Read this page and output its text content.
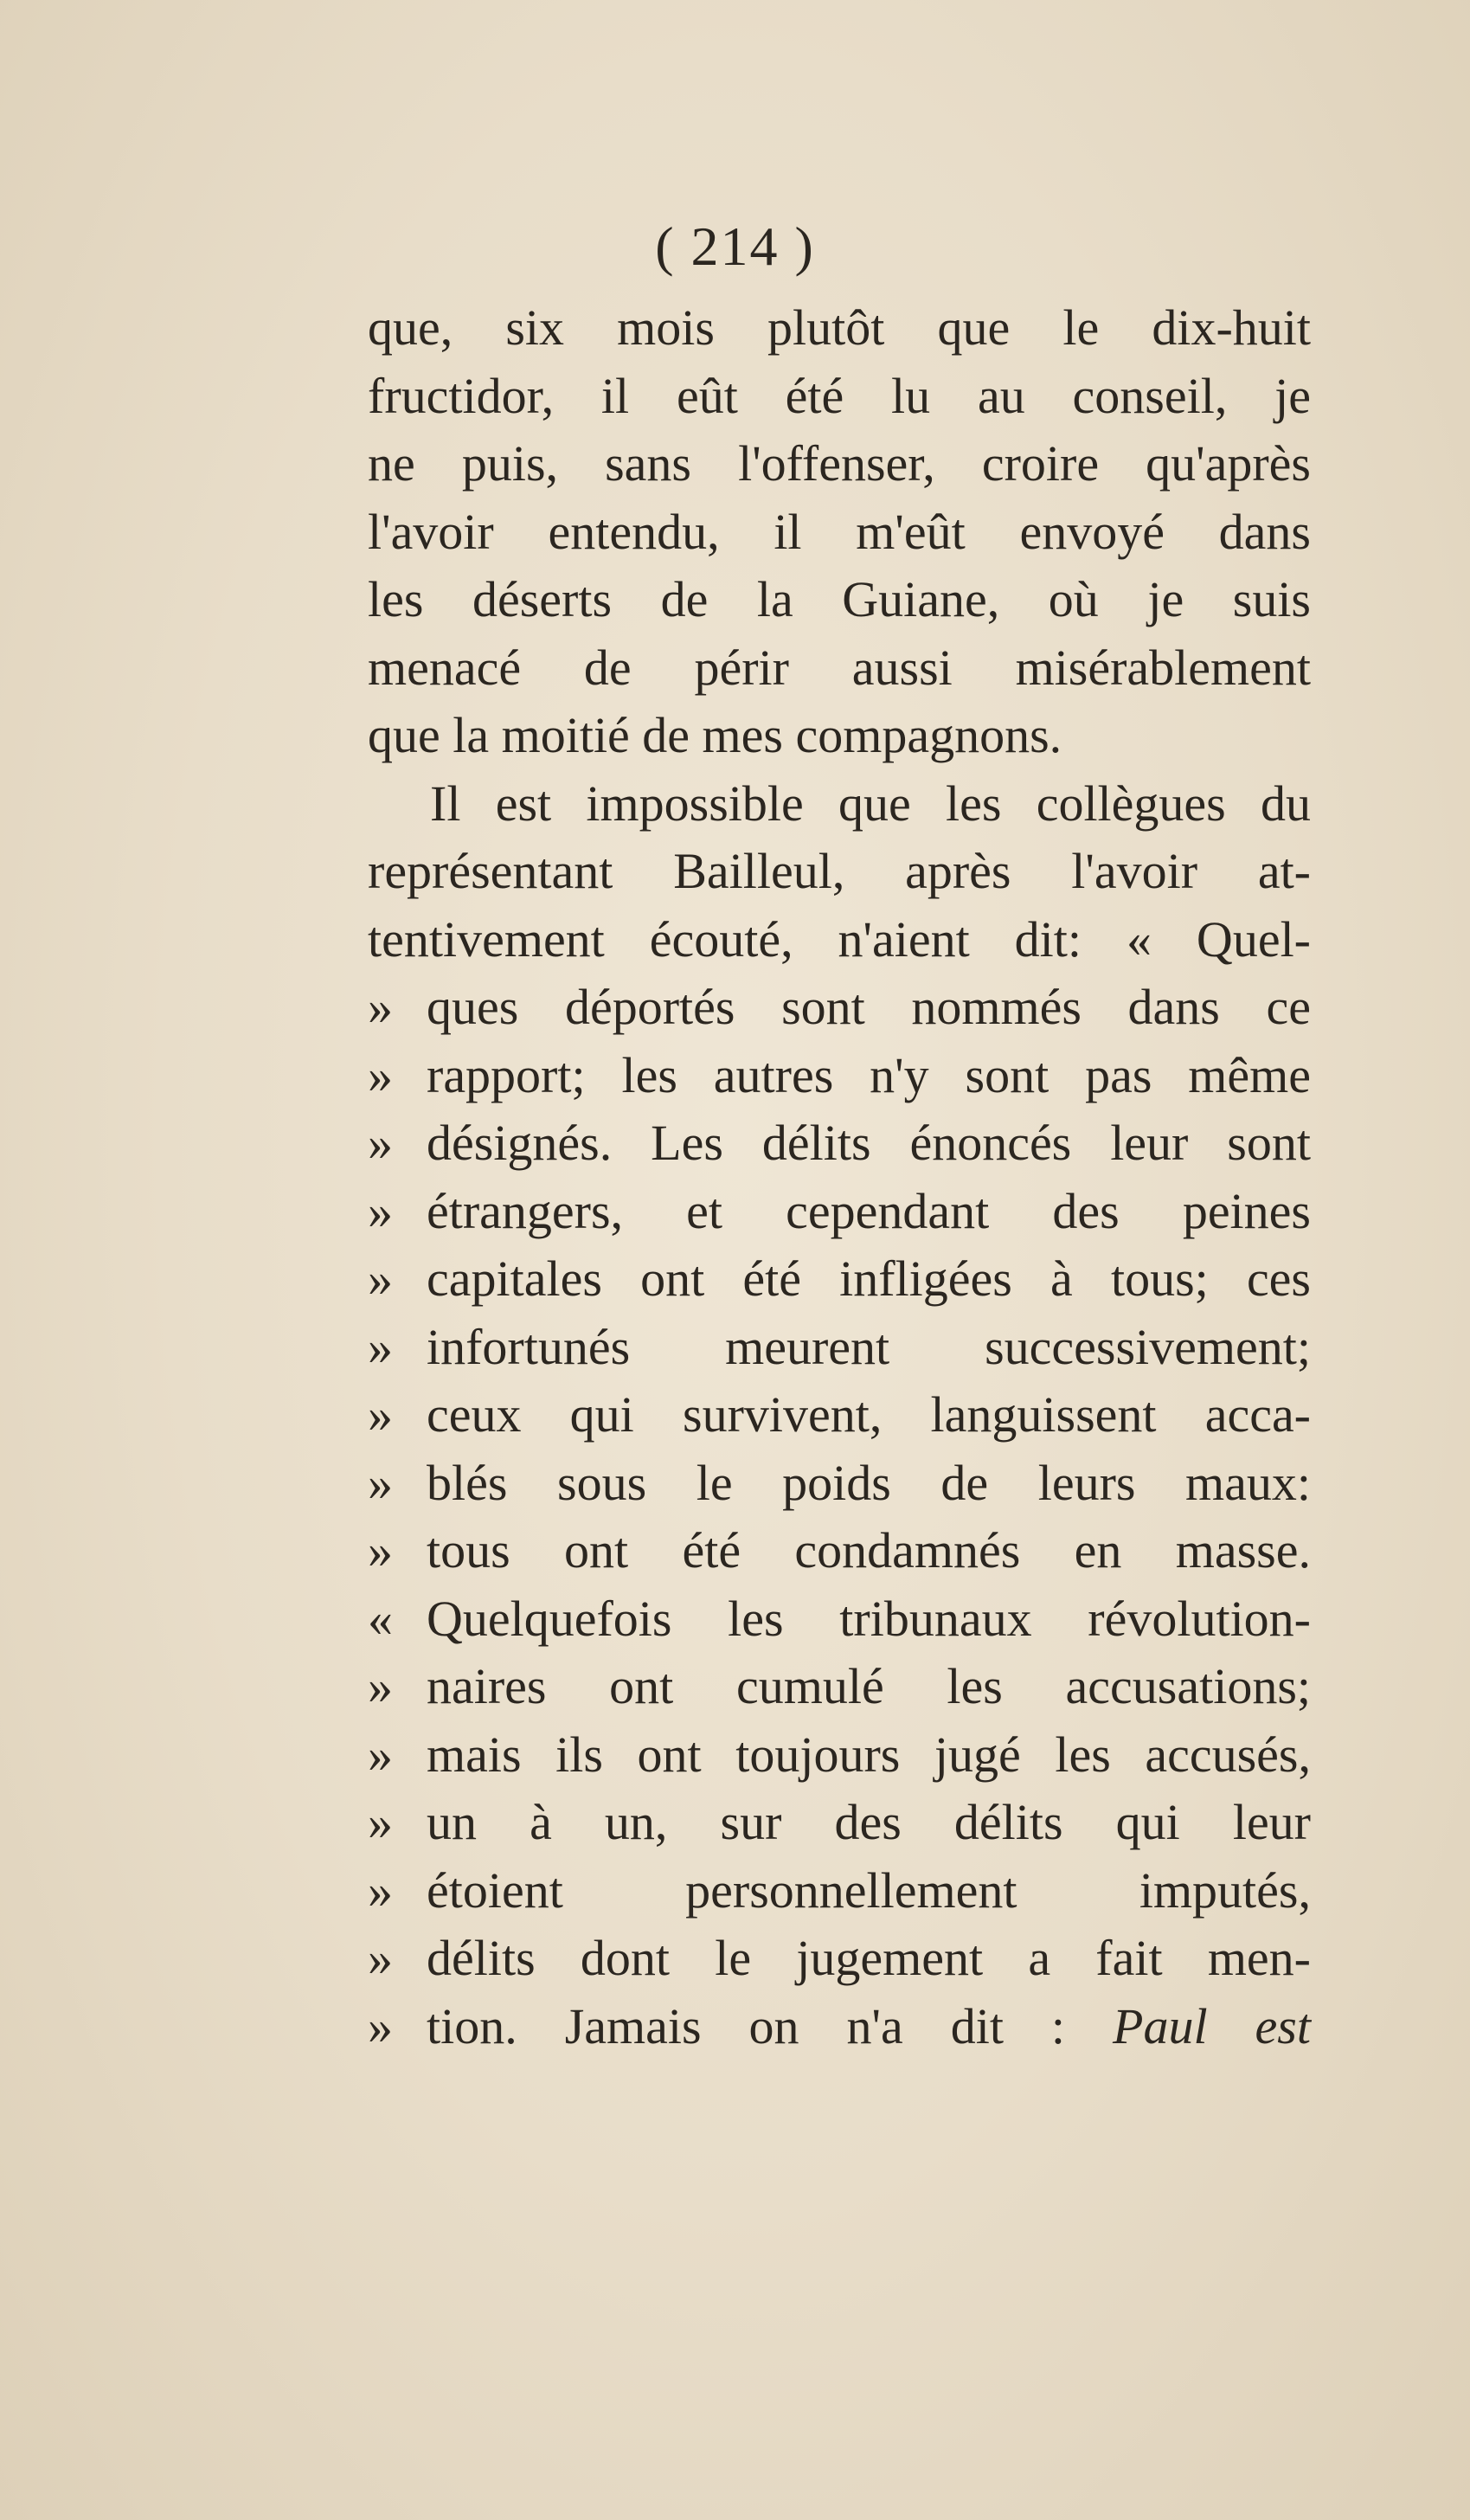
( 214 )
que, six mois plutôt que le dix-huit
fructidor, il eût été lu au conseil, je
ne puis, sans l'offenser, croire qu'après
l'avoir entendu, il m'eût envoyé dans
les déserts de la Guiane, où je suis
menacé de périr aussi misérablement
que la moitié de mes compagnons.
Il est impossible que les collègues du
représentant Bailleul, après l'avoir at-
tentivement écouté, n'aient dit: « Quel-
» ques déportés sont nommés dans ce
» rapport; les autres n'y sont pas même
» désignés. Les délits énoncés leur sont
» étrangers, et cependant des peines
» capitales ont été infligées à tous; ces
» infortunés meurent successivement;
» ceux qui survivent, languissent acca-
» blés sous le poids de leurs maux:
» tous ont été condamnés en masse.
« Quelquefois les tribunaux révolution-
» naires ont cumulé les accusations;
» mais ils ont toujours jugé les accusés,
» un à un, sur des délits qui leur
» étoient personnellement imputés,
» délits dont le jugement a fait men-
» tion. Jamais on n'a dit : Paul est
